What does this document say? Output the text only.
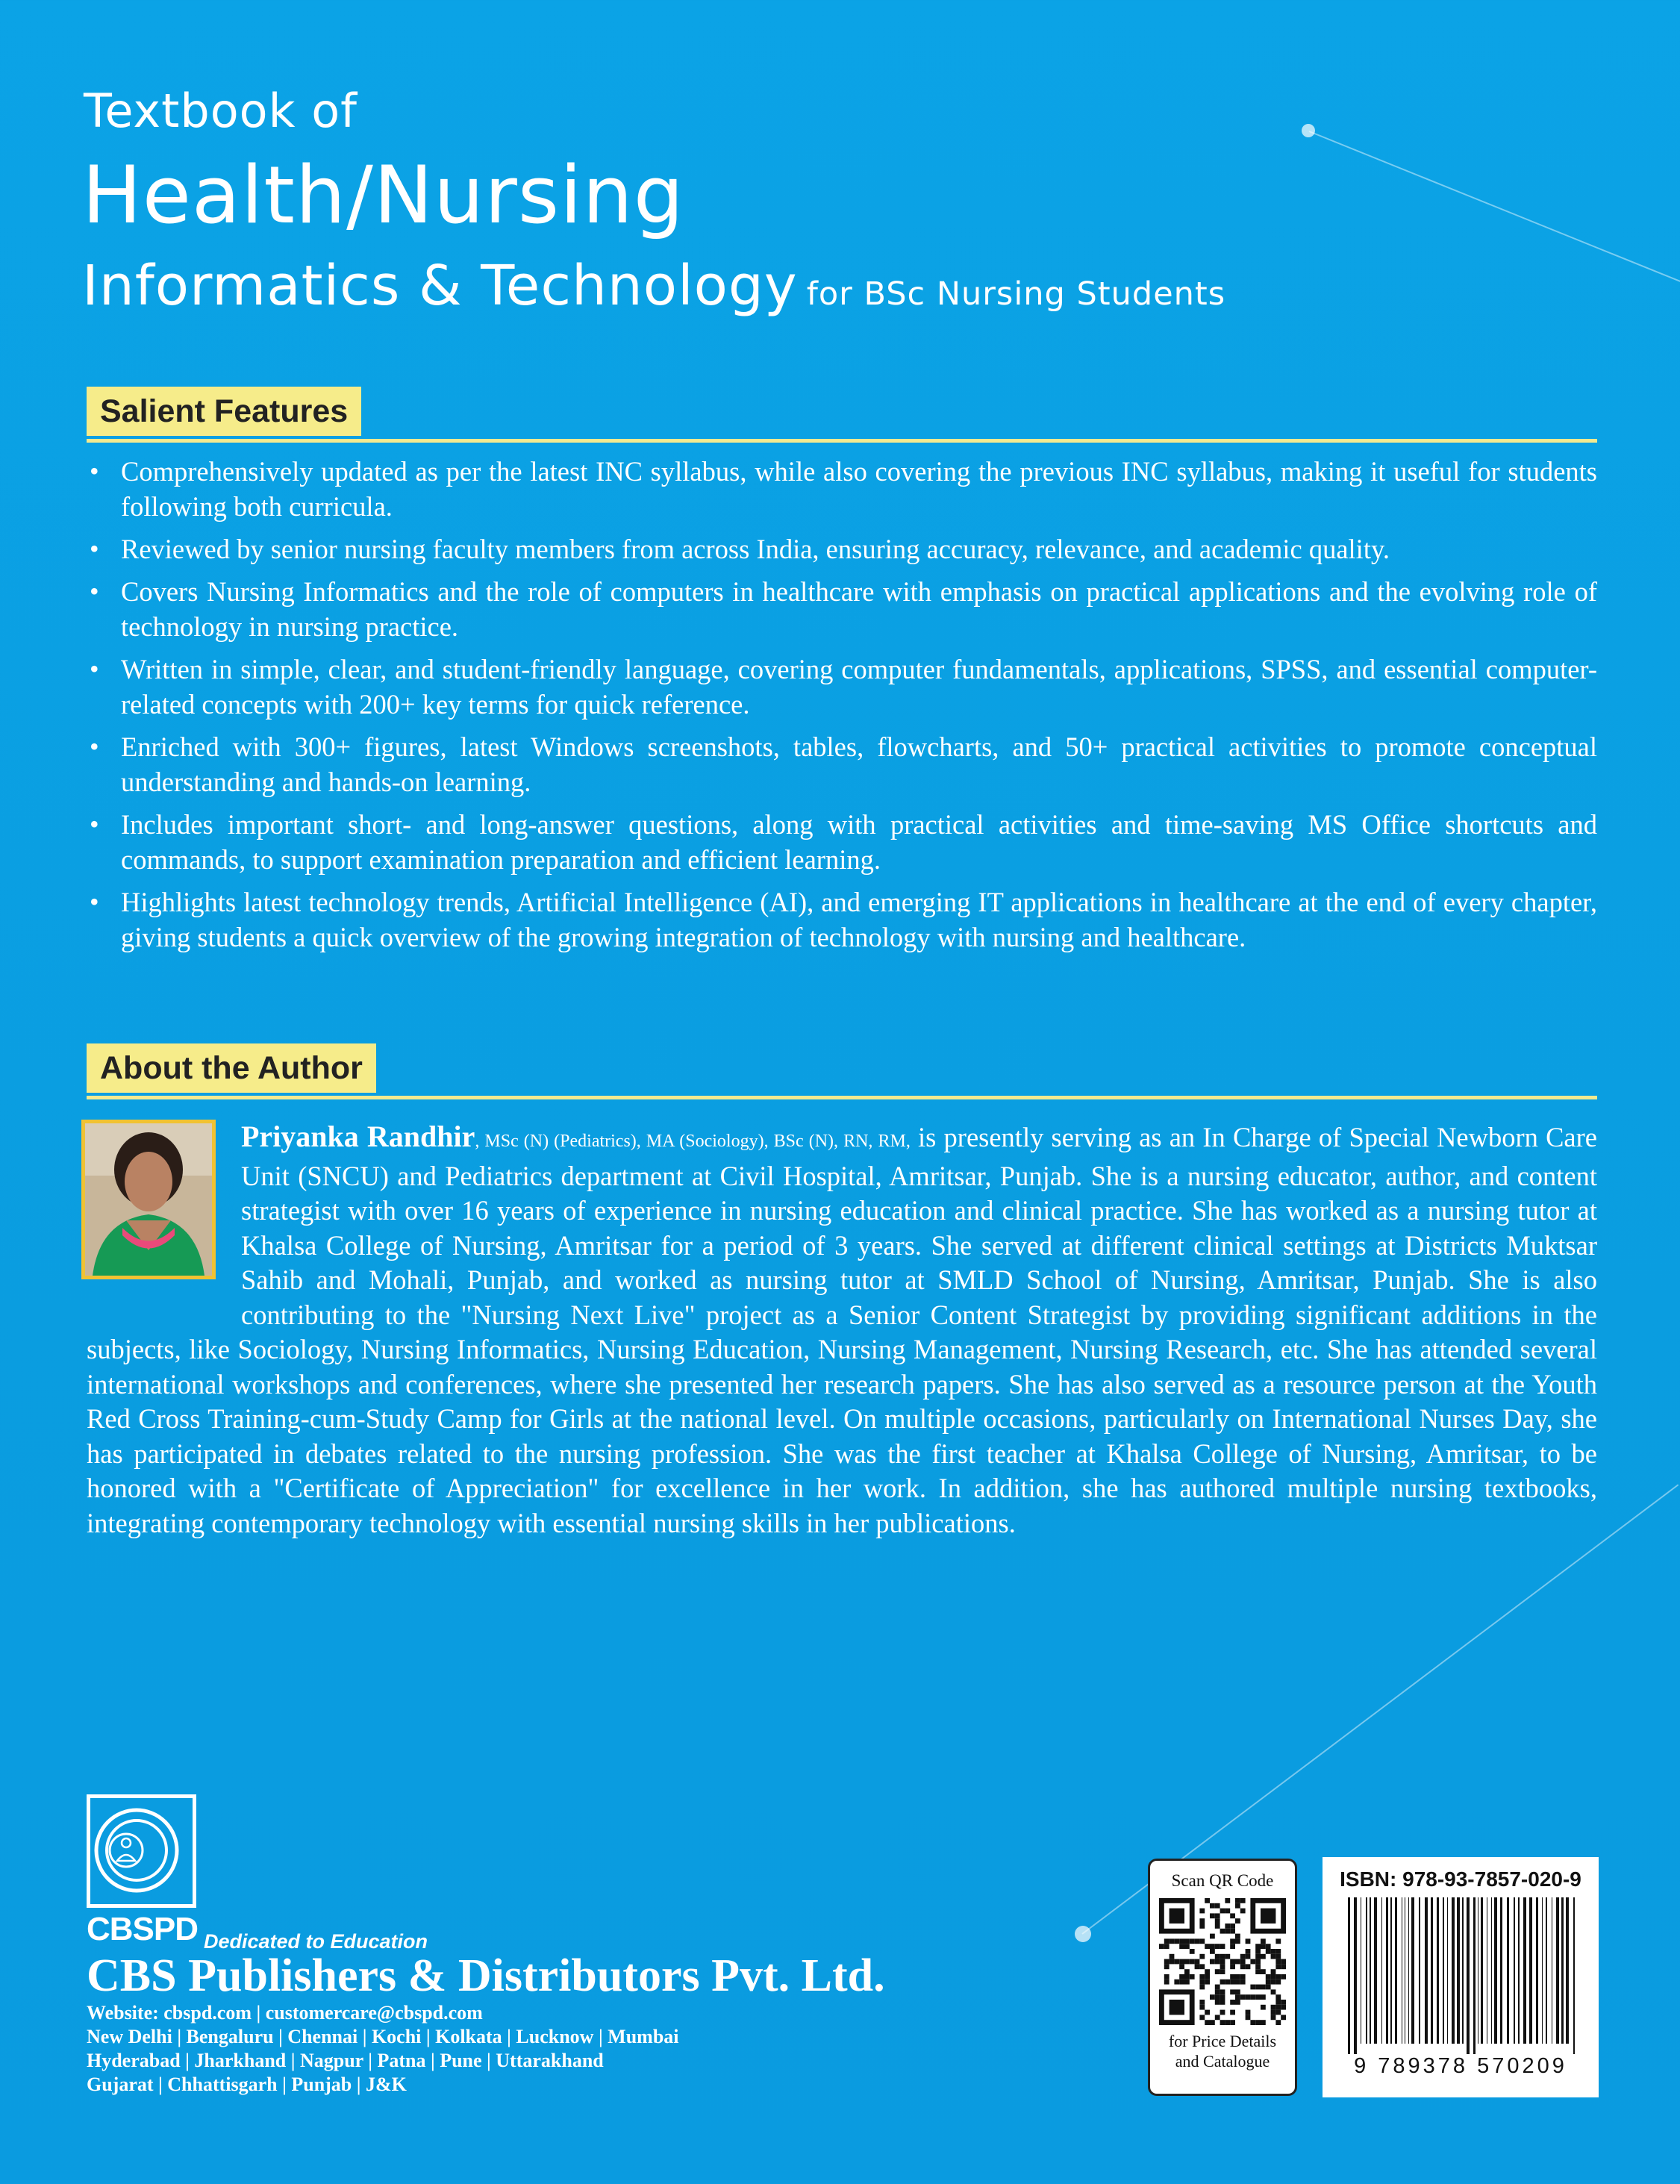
Textbook of
Health/Nursing
Informatics & Technology for BSc Nursing Students
Salient Features
• Comprehensively updated as per the latest INC syllabus, while also covering the previous INC syllabus, making it useful for students following both curricula.
• Reviewed by senior nursing faculty members from across India, ensuring accuracy, relevance, and academic quality.
• Covers Nursing Informatics and the role of computers in healthcare with emphasis on practical applications and the evolving role of technology in nursing practice.
• Written in simple, clear, and student-friendly language, covering computer fundamentals, applications, SPSS, and essential computer-related concepts with 200+ key terms for quick reference.
• Enriched with 300+ figures, latest Windows screenshots, tables, flowcharts, and 50+ practical activities to promote conceptual understanding and hands-on learning.
• Includes important short- and long-answer questions, along with practical activities and time-saving MS Office shortcuts and commands, to support examination preparation and efficient learning.
• Highlights latest technology trends, Artificial Intelligence (AI), and emerging IT applications in healthcare at the end of every chapter, giving students a quick overview of the growing integration of technology with nursing and healthcare.
About the Author
Priyanka Randhir, MSc (N) (Pediatrics), MA (Sociology), BSc (N), RN, RM, is presently serving as an In Charge of Special Newborn Care Unit (SNCU) and Pediatrics department at Civil Hospital, Amritsar, Punjab. She is a nursing educator, author, and content strategist with over 16 years of experience in nursing education and clinical practice. She has worked as a nursing tutor at Khalsa College of Nursing, Amritsar for a period of 3 years. She served at different clinical settings at Districts Muktsar Sahib and Mohali, Punjab, and worked as nursing tutor at SMLD School of Nursing, Amritsar, Punjab. She is also contributing to the "Nursing Next Live" project as a Senior Content Strategist by providing significant additions in the subjects, like Sociology, Nursing Informatics, Nursing Education, Nursing Management, Nursing Research, etc. She has attended several international workshops and conferences, where she presented her research papers. She has also served as a resource person at the Youth Red Cross Training-cum-Study Camp for Girls at the national level. On multiple occasions, particularly on International Nurses Day, she has participated in debates related to the nursing profession. She was the first teacher at Khalsa College of Nursing, Amritsar, to be honored with a "Certificate of Appreciation" for excellence in her work. In addition, she has authored multiple nursing textbooks, integrating contemporary technology with essential nursing skills in her publications.
CBSPD Dedicated to Education
CBS Publishers & Distributors Pvt. Ltd.
Website: cbspd.com | customercare@cbspd.com
New Delhi | Bengaluru | Chennai | Kochi | Kolkata | Lucknow | Mumbai
Hyderabad | Jharkhand | Nagpur | Patna | Pune | Uttarakhand
Gujarat | Chhattisgarh | Punjab | J&K
Scan QR Code
for Price Details
and Catalogue
ISBN: 978-93-7857-020-9
9 789378 570209
